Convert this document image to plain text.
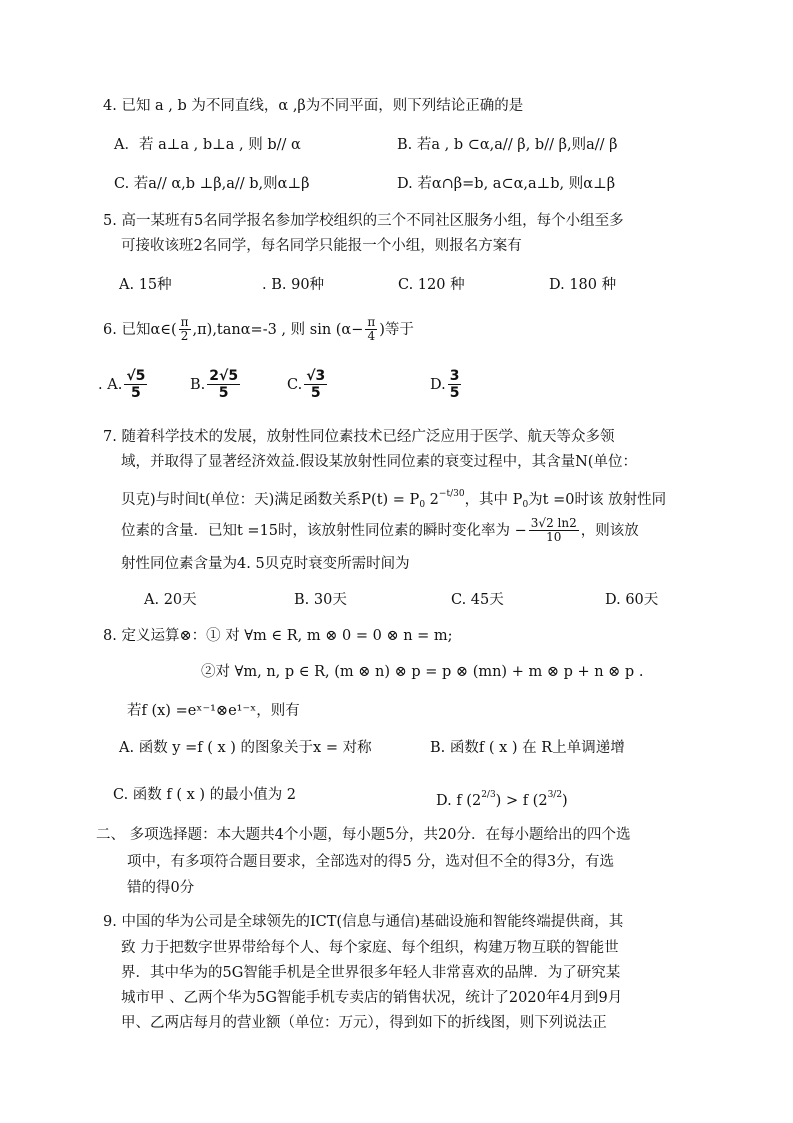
4. 已知 a , b 为不同直线，α ,β为不同平面，则下列结论正确的是
A．若 a⊥a , b⊥a , 则 b// α	B. 若a , b ⊂α,a// β, b// β,则a// β
C. 若a// α,b ⊥β,a// b,则α⊥β	D. 若α∩β=b, a⊂α,a⊥b, 则α⊥β
5. 高一某班有5名同学报名参加学校组织的三个不同社区服务小组，每个小组至多
可接收该班2名同学，每名同学只能报一个小组，则报名方案有
A. 15种	. B. 90种	C. 120 种	D. 180 种
6. 已知α∈( $\frac{\pi}{2} ,\pi),\tan\alpha=-3$ , 则 $\sin (\alpha- \frac{\pi}{4}$ )等于
. A. $\frac{√5}{5}$	B. $\frac{2√5}{5}$	C. $\frac{√3}{5}$	D. $\frac{3}{5}$
7. 随着科学技术的发展，放射性同位素技术已经广泛应用于医学、航天等众多领
域，并取得了显著经济效益.假设某放射性同位素的衰变过程中，其含量N(单位：
贝克)与时间t(单位：天)满足函数关系$P(t) = P_0$ $2^{-t/30}$，其中 $P_0$为t =0时该 放射性同
位素的含量．已知t =15时，该放射性同位素的瞬时变化率为 − $\frac{3√2 \ln 2}{10}$ ，则该放
射性同位素含量为4. 5贝克时衰变所需时间为
A. 20天	B. 30天	C. 45天	D. 60天
8. 定义运算⊗：① 对 ∀m ∈ R, m ⊗ 0 = 0 ⊗ n = m;
②对 ∀m, n, p ∈ R, (m ⊗ n) ⊗ p = p ⊗ (mn) + m ⊗ p + n ⊗ p .
若f (x) =eˣ⁻¹⊗e¹⁻ˣ，则有
A. 函数 y =f ( x ) 的图象关于x = 对称	B. 函数f ( x ) 在 R上单调递增
C. 函数 f ( x ) 的最小值为 2	D. f $(2^{2/3}) > f$ $(2^{3/2})$
二、 多项选择题：本大题共4个小题，每小题5分，共20分．在每小题给出的四个选
项中，有多项符合题目要求，全部选对的得5 分，选对但不全的得3分，有选
错的得0分
9. 中国的华为公司是全球领先的ICT(信息与通信)基础设施和智能终端提供商，其
致 力于把数字世界带给每个人、每个家庭、每个组织，构建万物互联的智能世
界．其中华为的5G智能手机是全世界很多年轻人非常喜欢的品牌．为了研究某
城市甲 、乙两个华为5G智能手机专卖店的销售状况，统计了2020年4月到9月
甲、乙两店每月的营业额（单位：万元），得到如下的折线图，则下列说法正
